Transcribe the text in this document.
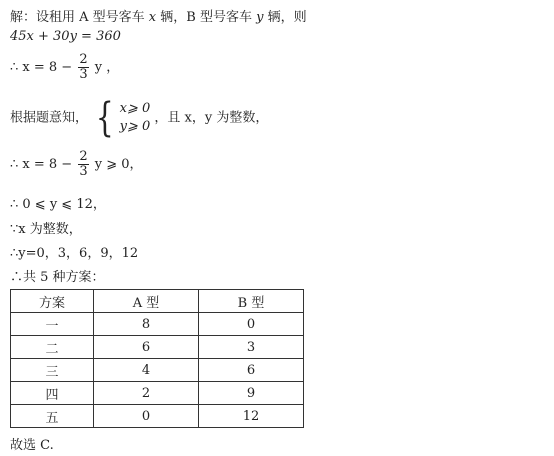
解：设租用 A 型号客车 x 辆，B 型号客车 y 辆，则
45x + 30y = 360
∴ $x = 8 - \frac{2}{3}$ y ，
根据题意知， { x⩾ 0
y⩾ 0
，且 x，y 为整数，
∴ $x = 8 - \frac{2}{3}$ y ⩾ 0，
∴ 0 ⩽ y ⩽ 12，
∵x 为整数，
∴y=0，3，6，9，12
∴共 5 种方案：
方案	A 型	B 型
一	8	0
二	6	3
三	4	6
四	2	9
五	0	12
故选 C.
